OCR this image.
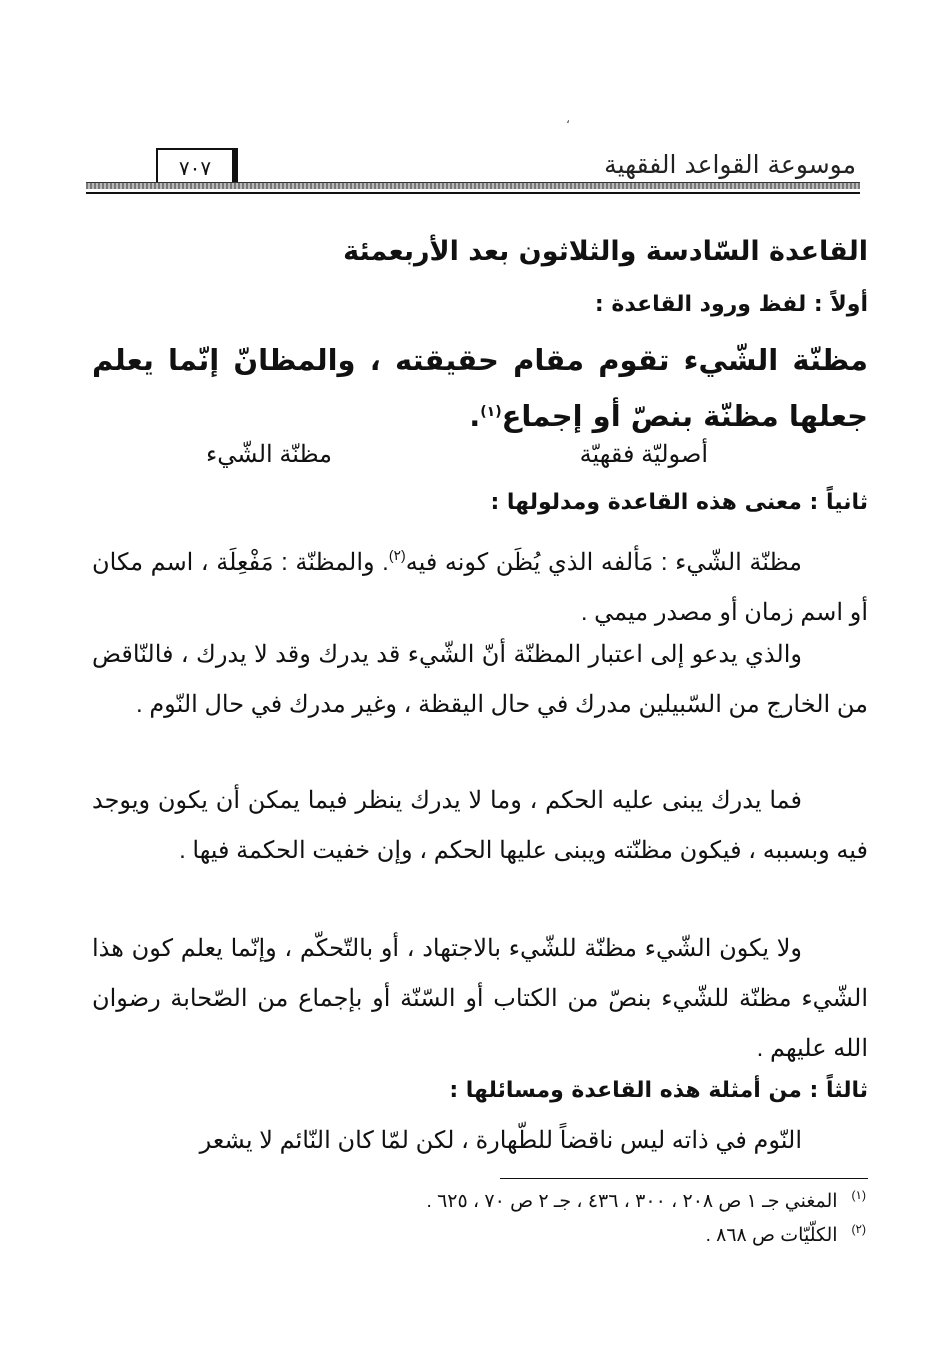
،
موسوعة القواعد الفقهية
٧٠٧
القاعدة السّادسة والثلاثون بعد الأربعمئة
أولاً : لفظ ورود القاعدة :
مظنّة الشّيء تقوم مقام حقيقته ، والمظانّ إنّما يعلم جعلها مظنّة بنصّ أو إجماع$^{(١)}$.
أصوليّة فقهيّة
مظنّة الشّيء
ثانياً : معنى هذه القاعدة ومدلولها :
مظنّة الشّيء : مَألفه الذي يُظَن كونه فيه$^{(٢)}$. والمظنّة : مَفْعِلَة ، اسم مكان أو اسم زمان أو مصدر ميمي .
والذي يدعو إلى اعتبار المظنّة أنّ الشّيء قد يدرك وقد لا يدرك ، فالنّاقض من الخارج من السّبيلين مدرك في حال اليقظة ، وغير مدرك في حال النّوم .
فما يدرك يبنى عليه الحكم ، وما لا يدرك ينظر فيما يمكن أن يكون ويوجد فيه وبسببه ، فيكون مظنّته ويبنى عليها الحكم ، وإن خفيت الحكمة فيها .
ولا يكون الشّيء مظنّة للشّيء بالاجتهاد ، أو بالتّحكّم ، وإنّما يعلم كون هذا الشّيء مظنّة للشّيء بنصّ من الكتاب أو السّنّة أو بإجماع من الصّحابة رضوان الله عليهم .
ثالثاً : من أمثلة هذه القاعدة ومسائلها :
النّوم في ذاته ليس ناقضاً للطّهارة ، لكن لمّا كان النّائم لا يشعر
$^{(١)}$المغني جـ ١ ص ٢٠٨ ، ٣٠٠ ، ٤٣٦ ، جـ ٢ ص ٧٠ ، ٦٢٥ .
$^{(٢)}$الكلّيّات ص ٨٦٨ .
